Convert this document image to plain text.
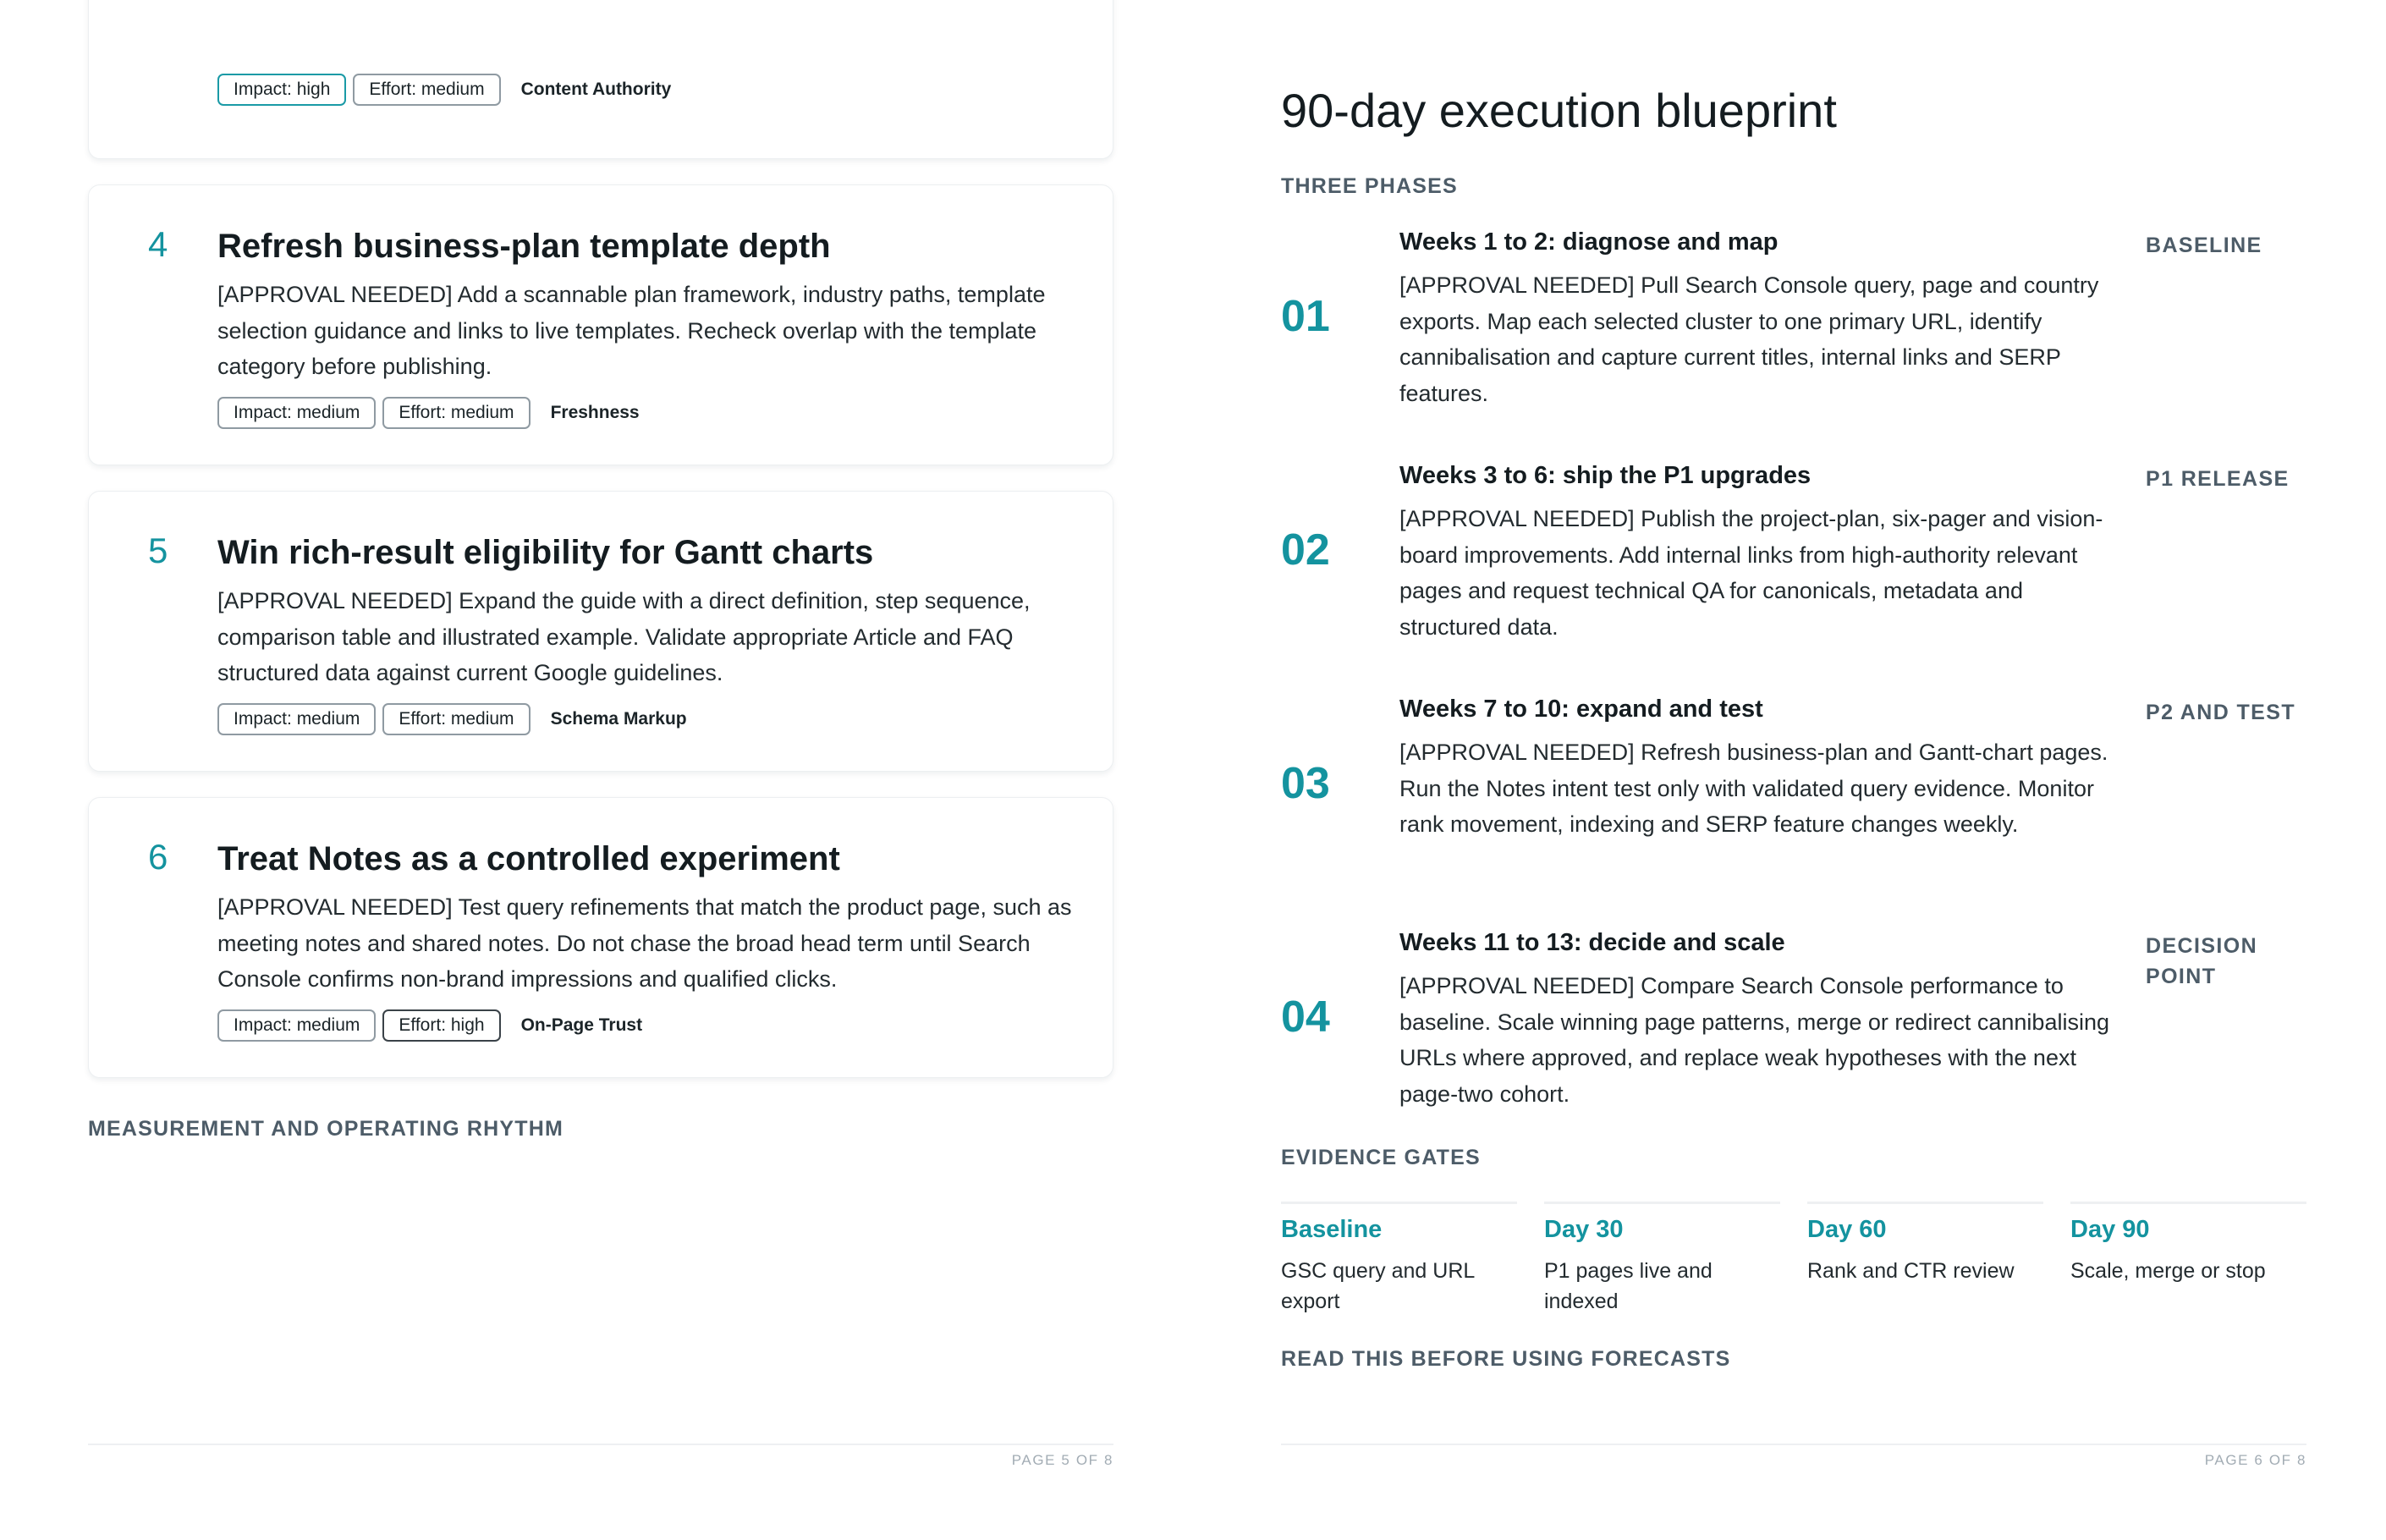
Impact: high	Effort: medium	Content Authority
4 Refresh business-plan template depth
[APPROVAL NEEDED] Add a scannable plan framework, industry paths, template selection guidance and links to live templates. Recheck overlap with the template category before publishing.
Impact: medium	Effort: medium	Freshness
5 Win rich-result eligibility for Gantt charts
[APPROVAL NEEDED] Expand the guide with a direct definition, step sequence, comparison table and illustrated example. Validate appropriate Article and FAQ structured data against current Google guidelines.
Impact: medium	Effort: medium	Schema Markup
6 Treat Notes as a controlled experiment
[APPROVAL NEEDED] Test query refinements that match the product page, such as meeting notes and shared notes. Do not chase the broad head term until Search Console confirms non-brand impressions and qualified clicks.
Impact: medium	Effort: high	On-Page Trust
MEASUREMENT AND OPERATING RHYTHM
PAGE 5 OF 8
90-day execution blueprint
THREE PHASES
01
Weeks 1 to 2: diagnose and map
[APPROVAL NEEDED] Pull Search Console query, page and country exports. Map each selected cluster to one primary URL, identify cannibalisation and capture current titles, internal links and SERP features.
BASELINE
02
Weeks 3 to 6: ship the P1 upgrades
[APPROVAL NEEDED] Publish the project-plan, six-pager and vision-board improvements. Add internal links from high-authority relevant pages and request technical QA for canonicals, metadata and structured data.
P1 RELEASE
03
Weeks 7 to 10: expand and test
[APPROVAL NEEDED] Refresh business-plan and Gantt-chart pages. Run the Notes intent test only with validated query evidence. Monitor rank movement, indexing and SERP feature changes weekly.
P2 AND TEST
04
Weeks 11 to 13: decide and scale
[APPROVAL NEEDED] Compare Search Console performance to baseline. Scale winning page patterns, merge or redirect cannibalising URLs where approved, and replace weak hypotheses with the next page-two cohort.
DECISION POINT
EVIDENCE GATES
Baseline
GSC query and URL export
Day 30
P1 pages live and indexed
Day 60
Rank and CTR review
Day 90
Scale, merge or stop
READ THIS BEFORE USING FORECASTS
PAGE 6 OF 8
